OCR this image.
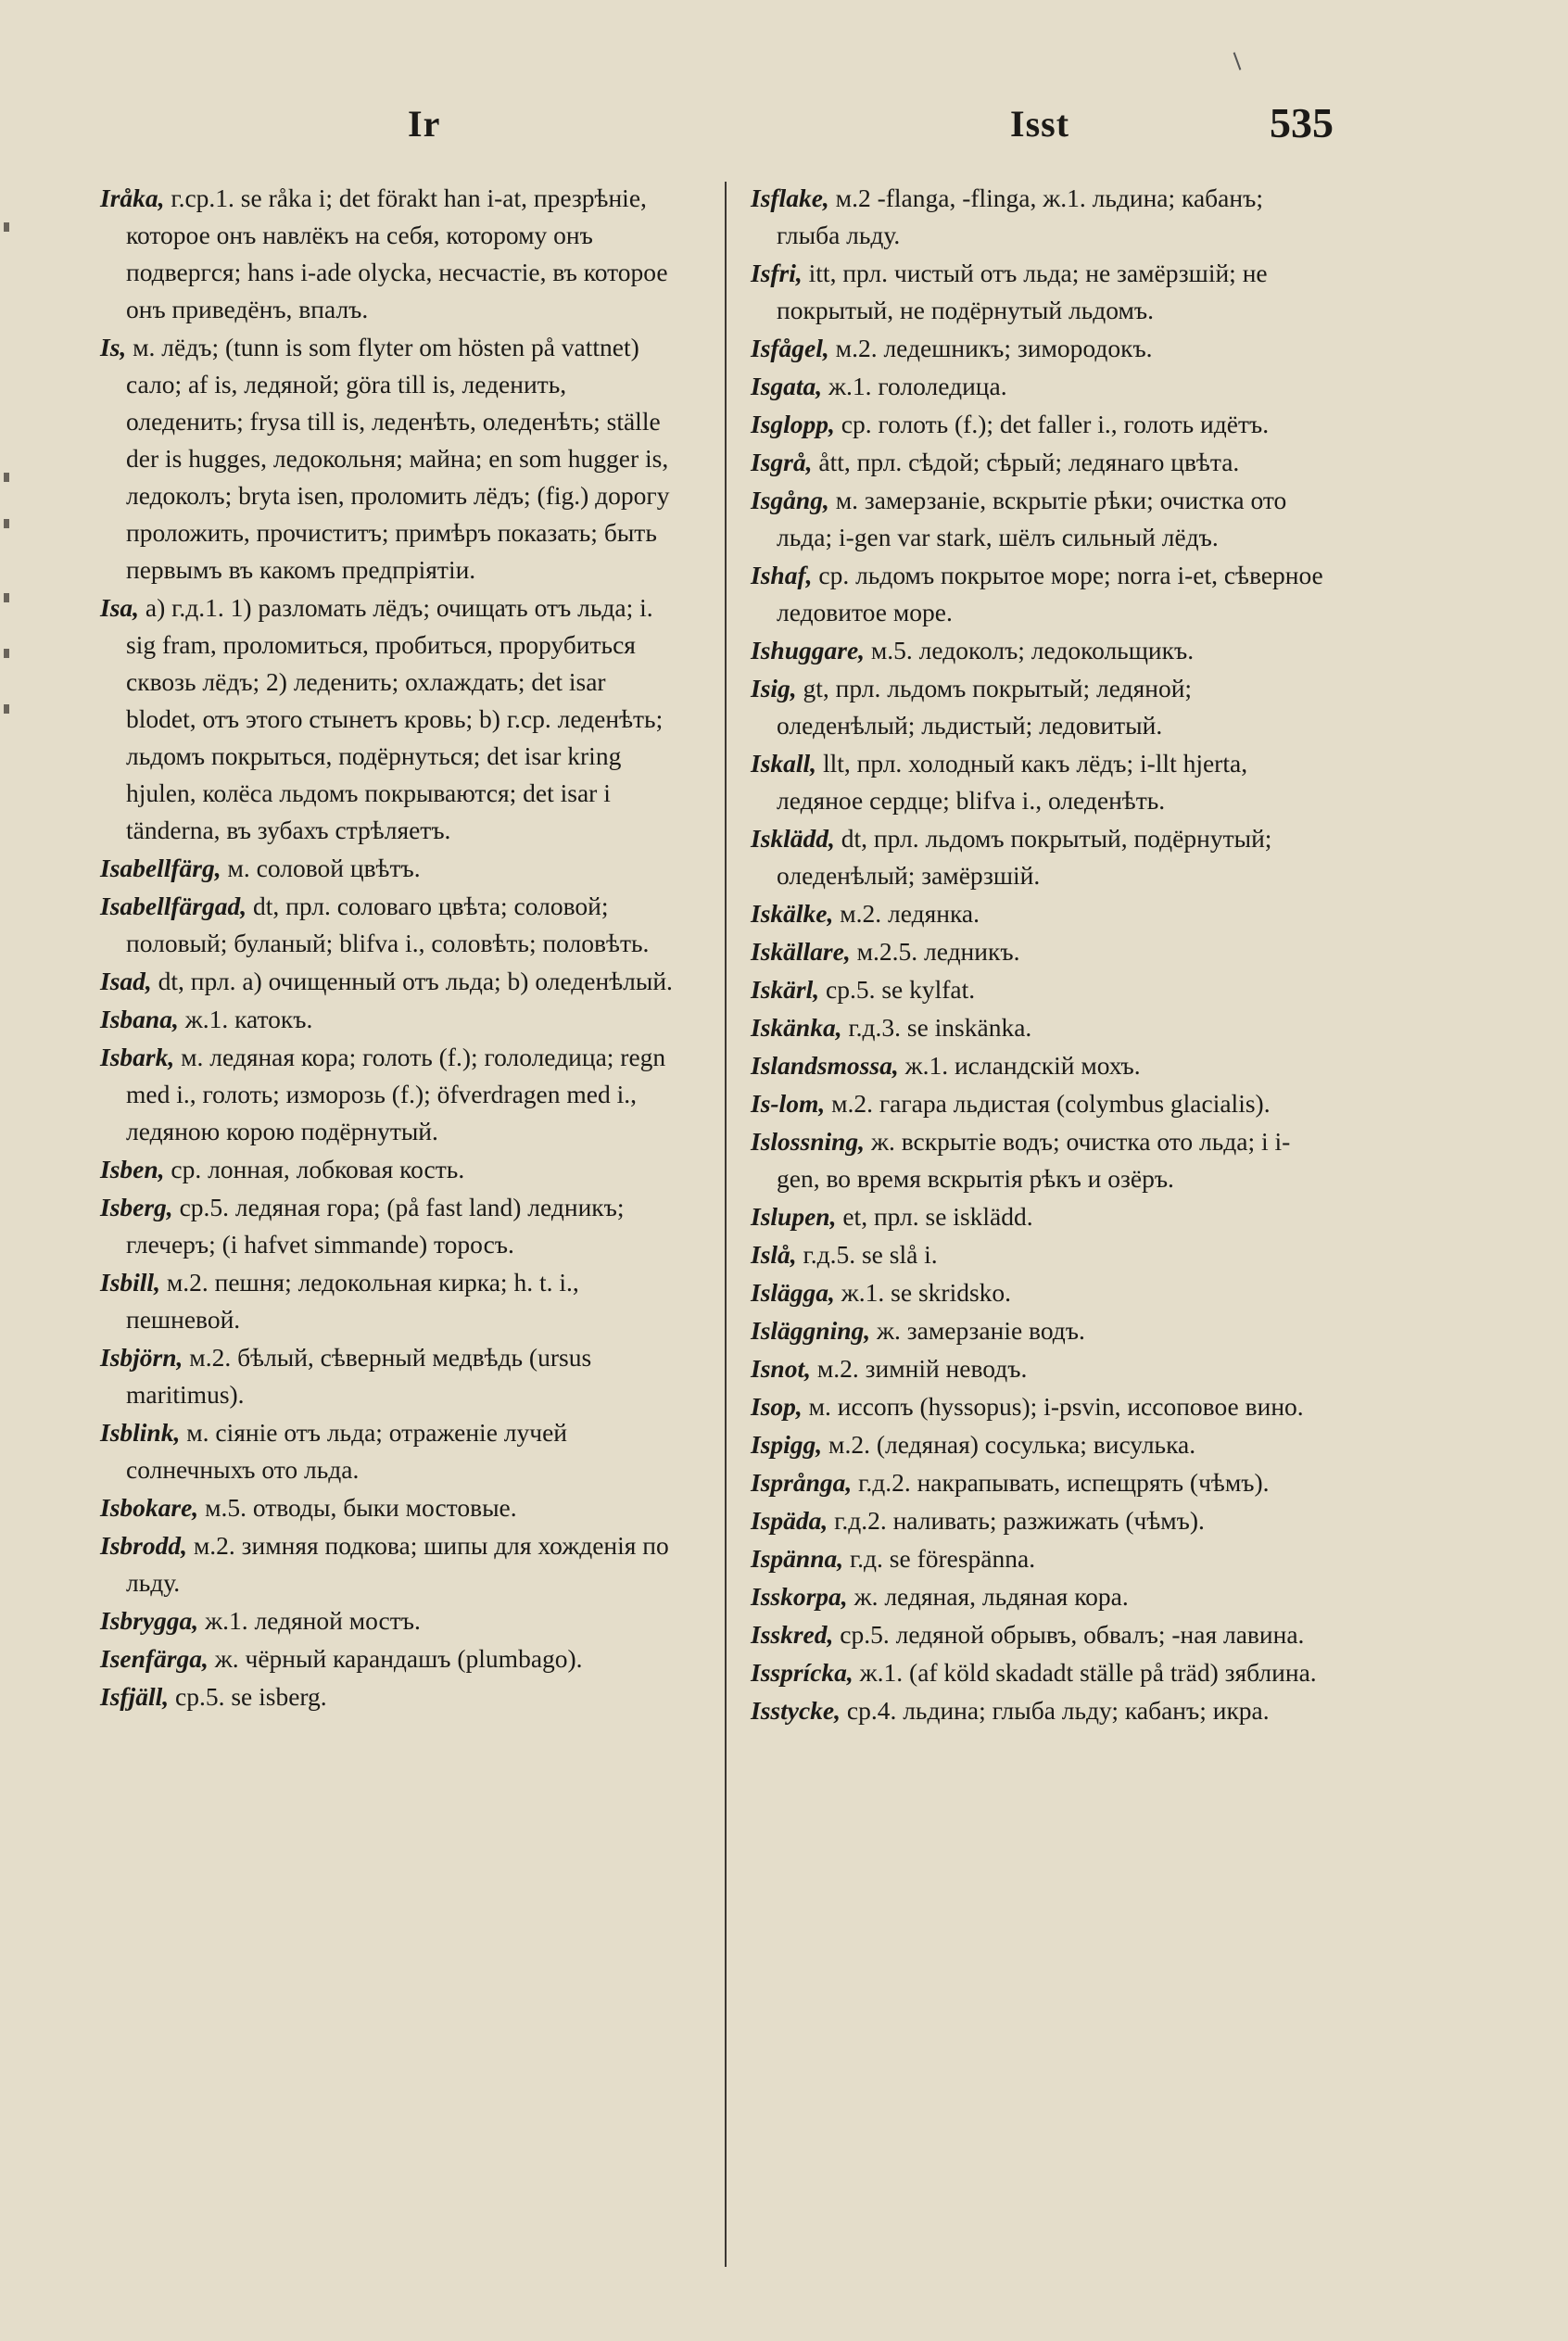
Ir	Isst	535

Iråka, г.ср.1. se råka i; det förakt han i-at, презрѣніе, которое онъ навлёкъ на себя, которому онъ подвергся; hans i-ade olycka, несчастіе, въ которое онъ приведёнъ, впалъ.

Is, м. лёдъ; (tunn is som flyter om hösten på vattnet) сало; af is, ледяной; göra till is, леденить, оледенить; frysa till is, леденѣть, оледенѣть; ställe der is hugges, ледокольня; майна; en som hugger is, ледоколъ; bryta isen, проломить лёдъ; (fig.) дорогу проложить, прочиститъ; примѣръ показать; быть первымъ въ какомъ предпріятіи.

Isa, a) г.д.1. 1) разломать лёдъ; очищать отъ льда; i. sig fram, проломиться, пробиться, прорубиться сквозь лёдъ; 2) леденить; охлаждать; det isar blodet, отъ этого стынетъ кровь; b) г.ср. леденѣть; льдомъ покрыться, подёрнуться; det isar kring hjulen, колёса льдомъ покрываются; det isar i tänderna, въ зубахъ стрѣляетъ.

Isabellfärg, м. соловой цвѣтъ.

Isabellfärgad, dt, прл. соловаго цвѣта; соловой; половый; буланый; blifva i., соловѣть; половѣть.

Isad, dt, прл. a) очищенный отъ льда; b) оледенѣлый.

Isbana, ж.1. катокъ.

Isbark, м. ледяная кора; голоть (f.); гололедица; regn med i., голоть; изморозь (f.); öfverdragen med i., ледяною корою подёрнутый.

Isben, ср. лонная, лобковая кость.

Isberg, ср.5. ледяная гора; (på fast land) ледникъ; глечеръ; (i hafvet simmande) торосъ.

Isbill, м.2. пешня; ледокольная кирка; h. t. i., пешневой.

Isbjörn, м.2. бѣлый, сѣверный медвѣдь (ursus maritimus).

Isblink, м. сіяніе отъ льда; отраженіе лучей солнечныхъ ото льда.

Isbokare, м.5. отводы, быки мостовые.

Isbrodd, м.2. зимняя подкова; шипы для хожденія по льду.

Isbrygga, ж.1. ледяной мостъ.

Isenfärga, ж. чёрный карандашъ (plumbago).

Isfjäll, ср.5. se isberg.

Isflake, м.2 -flanga, -flinga, ж.1. льдина; кабанъ; глыба льду.

Isfri, itt, прл. чистый отъ льда; не замёрзшій; не покрытый, не подёрнутый льдомъ.

Isfågel, м.2. ледешникъ; зимородокъ.

Isgata, ж.1. гололедица.

Isglopp, ср. голоть (f.); det faller i., голоть идётъ.

Isgrå, ått, прл. сѣдой; сѣрый; ледянаго цвѣта.

Isgång, м. замерзаніе, вскрытіе рѣки; очистка ото льда; i-gen var stark, шёлъ сильный лёдъ.

Ishaf, ср. льдомъ покрытое море; norra i-et, сѣверное ледовитое море.

Ishuggare, м.5. ледоколъ; ледокольщикъ.

Isig, gt, прл. льдомъ покрытый; ледяной; оледенѣлый; льдистый; ледовитый.

Iskall, llt, прл. холодный какъ лёдъ; i-llt hjerta, ледяное сердце; blifva i., оледенѣть.

Isklädd, dt, прл. льдомъ покрытый, подёрнутый; оледенѣлый; замёрзшій.

Iskälke, м.2. ледянка.

Iskällare, м.2.5. ледникъ.

Iskärl, ср.5. se kylfat.

Iskänka, г.д.3. se inskänka.

Islandsmossa, ж.1. исландскій мохъ.

Is-lom, м.2. гагара льдистая (colymbus glacialis).

Islossning, ж. вскрытіе водъ; очистка ото льда; i i-gen, во время вскрытія рѣкъ и озёръ.

Islupen, et, прл. se isklädd.

Islå, г.д.5. se slå i.

Islägga, ж.1. se skridsko.

Isläggning, ж. замерзаніе водъ.

Isnot, м.2. зимній неводъ.

Isop, м. иссопъ (hyssopus); i-psvin, иссоповое вино.

Ispigg, м.2. (ледяная) сосулька; висулька.

Isprånga, г.д.2. накрапывать, испещрять (чѣмъ).

Ispäda, г.д.2. наливать; разжижать (чѣмъ).

Ispänna, г.д. se förespänna.

Isskorpa, ж. ледяная, льдяная кора.

Isskred, ср.5. ледяной обрывъ, обвалъ; -ная лавина.

Issprícka, ж.1. (af köld skadadt ställe på träd) зяблина.

Isstycke, ср.4. льдина; глыба льду; кабанъ; икра.
